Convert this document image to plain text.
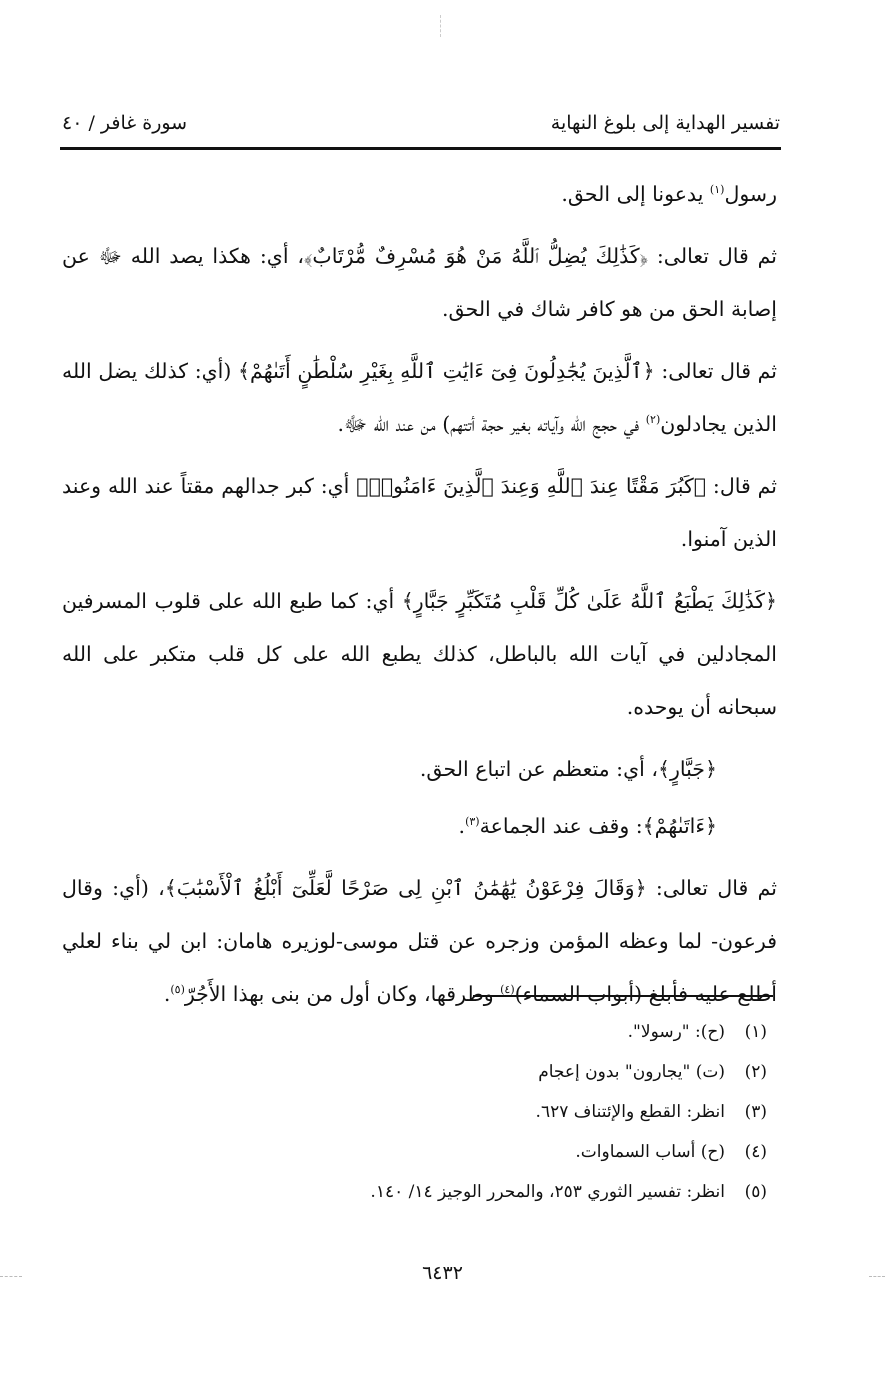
تفسير الهداية إلى بلوغ النهاية
سورة غافر / ٤٠

رسول$^{(١)}$ يدعونا إلى الحق.

ثم قال تعالى: ﴿كَذَٰلِكَ يُضِلُّ ٱللَّهُ مَنْ هُوَ مُسْرِفٌ مُّرْتَابٌ﴾، أي: هكذا يصد الله ﷻ عن إصابة الحق من هو كافر شاك في الحق.

ثم قال تعالى: ﴿ٱلَّذِينَ يُجَٰدِلُونَ فِىٓ ءَايَٰتِ ٱللَّهِ بِغَيْرِ سُلْطَٰنٍ أَتَىٰهُمْ﴾ (أي: كذلك يضل الله الذين يجادلون$^{(٢)}$ في حجج الله وآياته بغير حجة أتتهم) من عند الله ﷻ.

ثم قال: ﴿كَبُرَ مَقْتًا عِندَ ٱللَّهِ وَعِندَ ٱلَّذِينَ ءَامَنُوا۟﴾ أي: كبر جدالهم مقتاً عند الله وعند الذين آمنوا.

﴿كَذَٰلِكَ يَطْبَعُ ٱللَّهُ عَلَىٰ كُلِّ قَلْبِ مُتَكَبِّرٍ جَبَّارٍ﴾ أي: كما طبع الله على قلوب المسرفين المجادلين في آيات الله بالباطل، كذلك يطبع الله على كل قلب متكبر على الله سبحانه أن يوحده.

﴿جَبَّارٍ﴾، أي: متعظم عن اتباع الحق.

﴿ءَاتَىٰهُمْ﴾: وقف عند الجماعة$^{(٣)}$.

ثم قال تعالى: ﴿وَقَالَ فِرْعَوْنُ يَٰهَٰمَٰنُ ٱبْنِ لِى صَرْحًا لَّعَلِّىٓ أَبْلُغُ ٱلْأَسْبَٰبَ﴾، (أي: وقال فرعون- لما وعظه المؤمن وزجره عن قتل موسى-لوزيره هامان: ابن لي بناء لعلي أطلع عليه فأبلغ (أبواب السماء)$^{(٤)}$ وطرقها، وكان أول من بنى بهذا الأَجُرّ$^{(٥)}$.

(١)
(ح): "رسولا".
(٢)
(ت) "يجارون" بدون إعجام
(٣)
انظر: القطع والإئتناف ٦٢٧.
(٤)
(ح) أساب السماوات.
(٥)
انظر: تفسير الثوري ٢٥٣، والمحرر الوجيز ١٤/ ١٤٠.
٦٤٣٢
